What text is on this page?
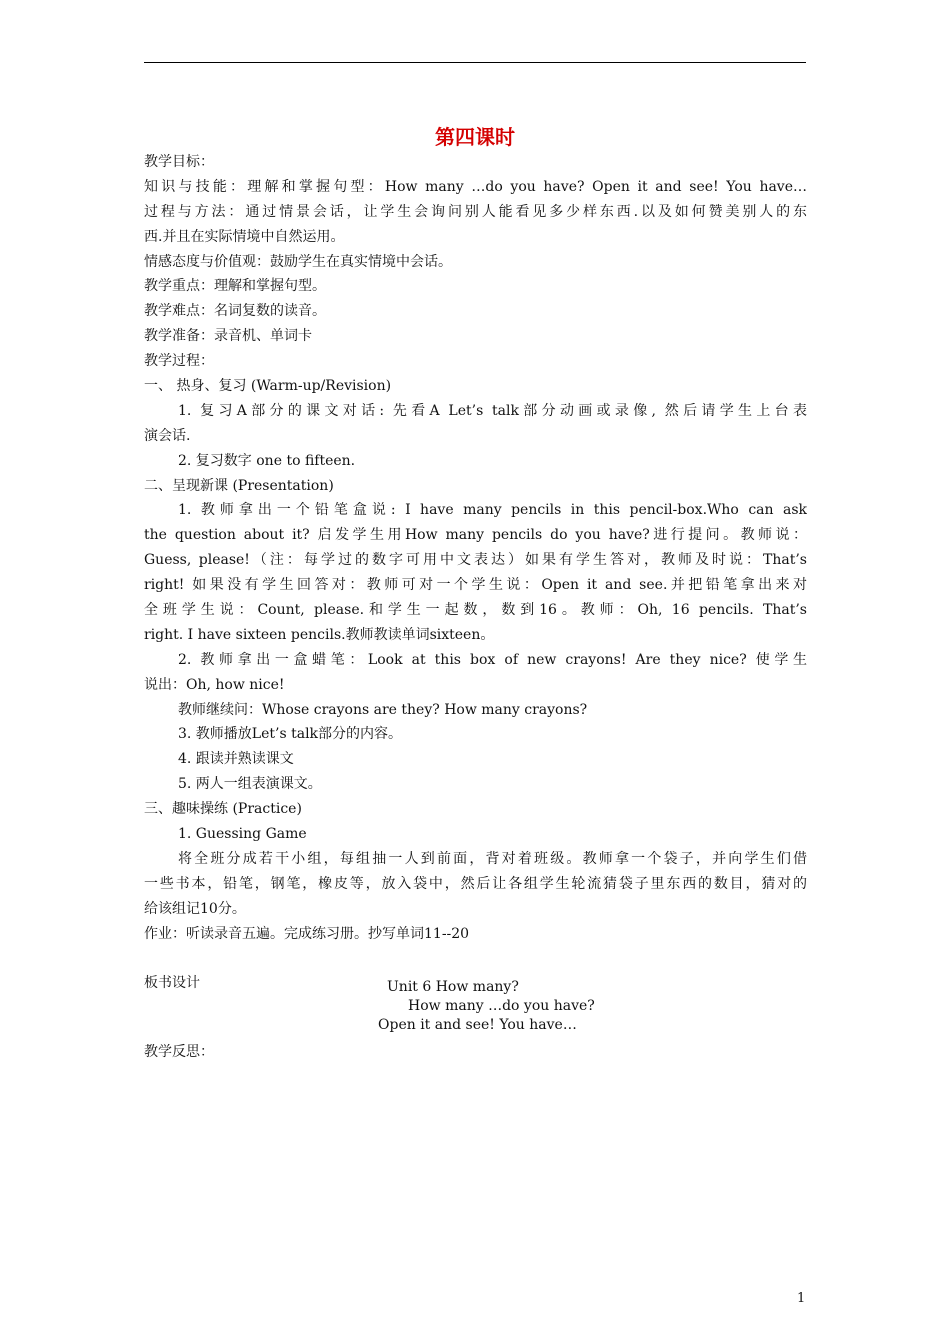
第四课时
教学目标：
知识与技能：理解和掌握句型：How many …do you have? Open it and see! You have…
过程与方法：通过情景会话，让学生会询问别人能看见多少样东西.以及如何赞美别人的东
西.并且在实际情境中自然运用。
情感态度与价值观：鼓励学生在真实情境中会话。
教学重点：理解和掌握句型。
教学难点：名词复数的读音。
教学准备：录音机、单词卡
教学过程：
一、 热身、复习 (Warm-up/Revision)
1. 复习A部分的课文对话: 先看A Let’s talk部分动画或录像, 然后请学生上台表
演会话.
2. 复习数字 one to fifteen.
二、呈现新课 (Presentation)
1. 教师拿出一个铅笔盒说: I have many pencils in this pencil-box.Who can ask
the question about it? 启发学生用How many pencils do you have?进行提问。教师说：
Guess, please!（注：每学过的数字可用中文表达）如果有学生答对，教师及时说：That’s
right! 如果没有学生回答对：教师可对一个学生说：Open it and see.并把铅笔拿出来对
全班学生说：Count, please.和学生一起数，数到16。教师：Oh, 16 pencils. That’s
right. I have sixteen pencils.教师教读单词sixteen。
2. 教师拿出一盒蜡笔：Look at this box of new crayons! Are they nice? 使学生
说出：Oh, how nice!
教师继续问：Whose crayons are they? How many crayons?
3. 教师播放Let’s talk部分的内容。
4. 跟读并熟读课文
5. 两人一组表演课文。
三、趣味操练 (Practice)
1. Guessing Game
将全班分成若干小组，每组抽一人到前面，背对着班级。教师拿一个袋子，并向学生们借
一些书本，铅笔，钢笔，橡皮等，放入袋中，然后让各组学生轮流猜袋子里东西的数目，猜对的
给该组记10分。
作业：听读录音五遍。完成练习册。抄写单词11--20
板书设计	Unit 6 How many?
How many …do you have?
Open it and see! You have…
教学反思：
1
